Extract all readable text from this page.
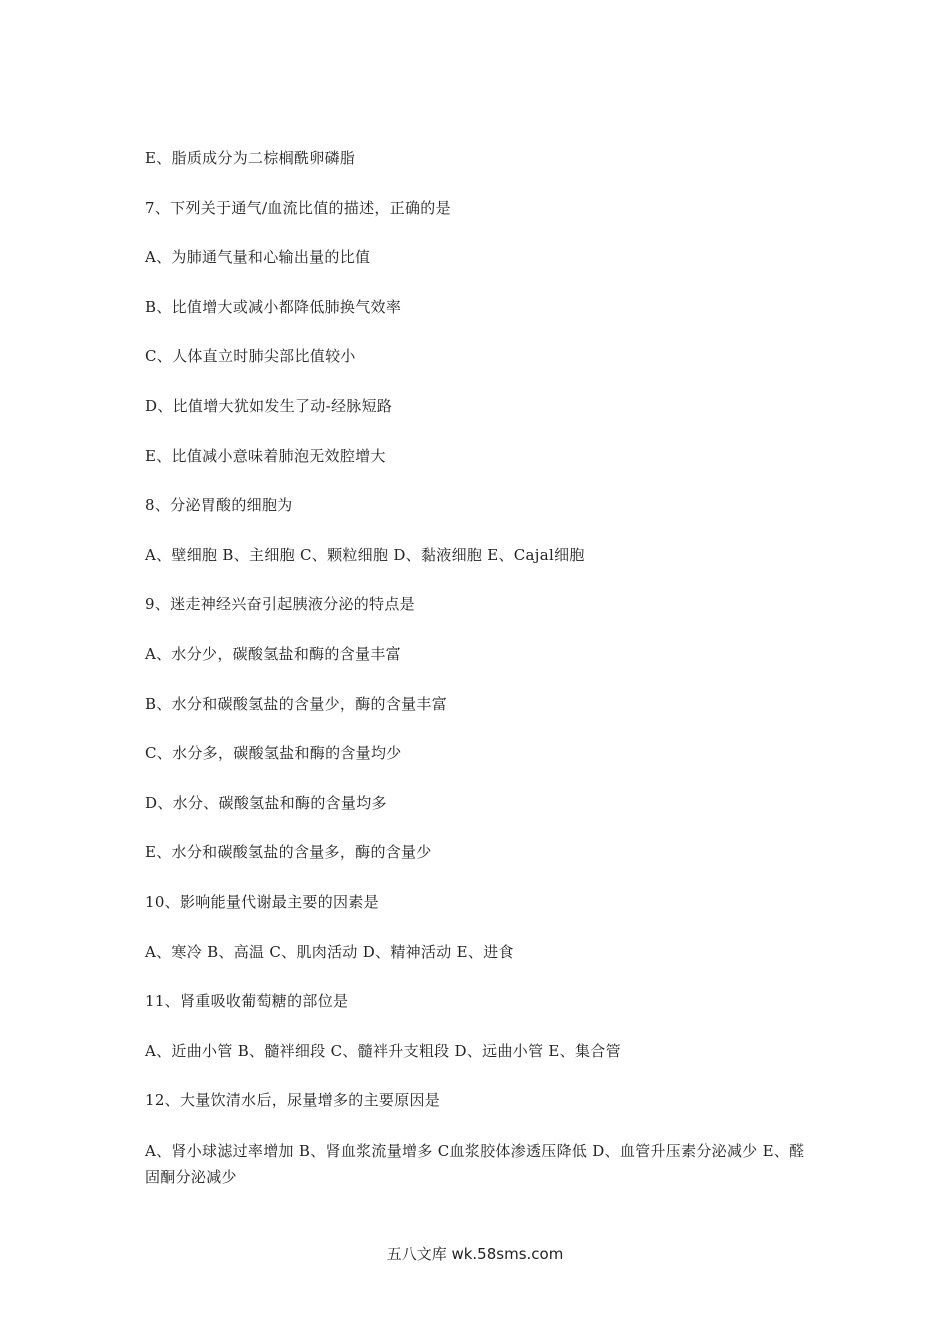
E、脂质成分为二棕榈酰卵磷脂
7、下列关于通气/血流比值的描述，正确的是
A、为肺通气量和心输出量的比值
B、比值增大或减小都降低肺换气效率
C、人体直立时肺尖部比值较小
D、比值增大犹如发生了动-经脉短路
E、比值减小意味着肺泡无效腔增大
8、分泌胃酸的细胞为
A、壁细胞 B、主细胞 C、颗粒细胞 D、黏液细胞 E、Cajal细胞
9、迷走神经兴奋引起胰液分泌的特点是
A、水分少，碳酸氢盐和酶的含量丰富
B、水分和碳酸氢盐的含量少，酶的含量丰富
C、水分多，碳酸氢盐和酶的含量均少
D、水分、碳酸氢盐和酶的含量均多
E、水分和碳酸氢盐的含量多，酶的含量少
10、影响能量代谢最主要的因素是
A、寒冷 B、高温 C、肌肉活动 D、精神活动 E、进食
11、肾重吸收葡萄糖的部位是
A、近曲小管 B、髓袢细段 C、髓袢升支粗段 D、远曲小管 E、集合管
12、大量饮清水后，尿量增多的主要原因是
A、肾小球滤过率增加 B、肾血浆流量增多 C血浆胶体渗透压降低 D、血管升压素分泌减少 E、醛固酮分泌减少
五八文库 wk.58sms.com
